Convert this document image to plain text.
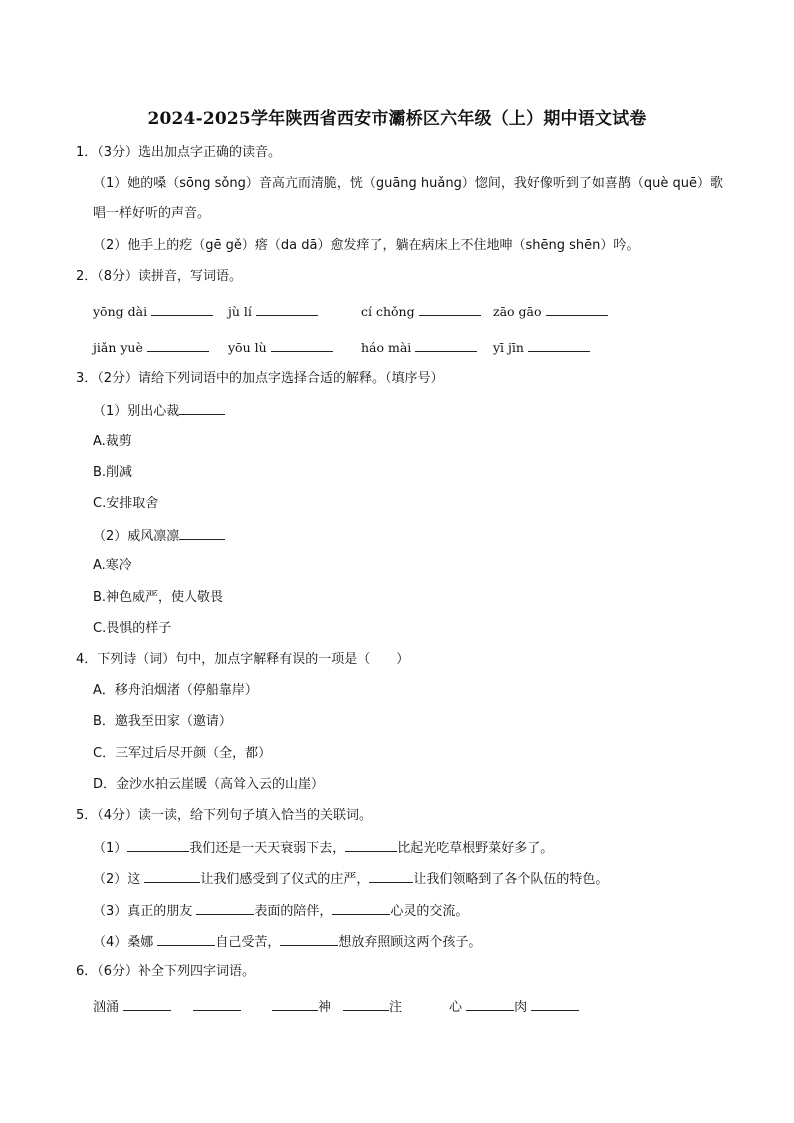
2024-2025学年陕西省西安市灞桥区六年级（上）期中语文试卷
1．（3分）选出加点字正确的读音。
（1）她的嗓（sōng sǒng）音高亢而清脆，恍（guāng huǎng）惚间，我好像听到了如喜鹊（què quē）歌
唱一样好听的声音。
（2）他手上的疙（gē gě）瘩（da dā）愈发痒了，躺在病床上不住地呻（shēng shēn）吟。
2．（8分）读拼音，写词语。
yōng dài	jù lí	cí chǒng	zāo gāo
jiǎn yuè	yōu lù	háo mài	yī jīn
3．（2分）请给下列词语中的加点字选择合适的解释。（填序号）
（1）别出心裁
A.裁剪
B.削减
C.安排取舍
（2）威风凛凛
A.寒冷
B.神色威严，使人敬畏
C.畏惧的样子
4．下列诗（词）句中，加点字解释有误的一项是（　　）
A．移舟泊烟渚（停船靠岸）
B．邀我至田家（邀请）
C．三军过后尽开颜（全，都）
D．金沙水拍云崖暖（高耸入云的山崖）
5．（4分）读一读，给下列句子填入恰当的关联词。
（1）	我们还是一天天衰弱下去，	比起光吃草根野菜好多了。
（2）这	让我们感受到了仪式的庄严，	让我们领略到了各个队伍的特色。
（3）真正的朋友	表面的陪伴，	心灵的交流。
（4）桑娜	自己受苦，	想放弃照顾这两个孩子。
6．（6分）补全下列四字词语。
汹涌	神	注	心	肉
